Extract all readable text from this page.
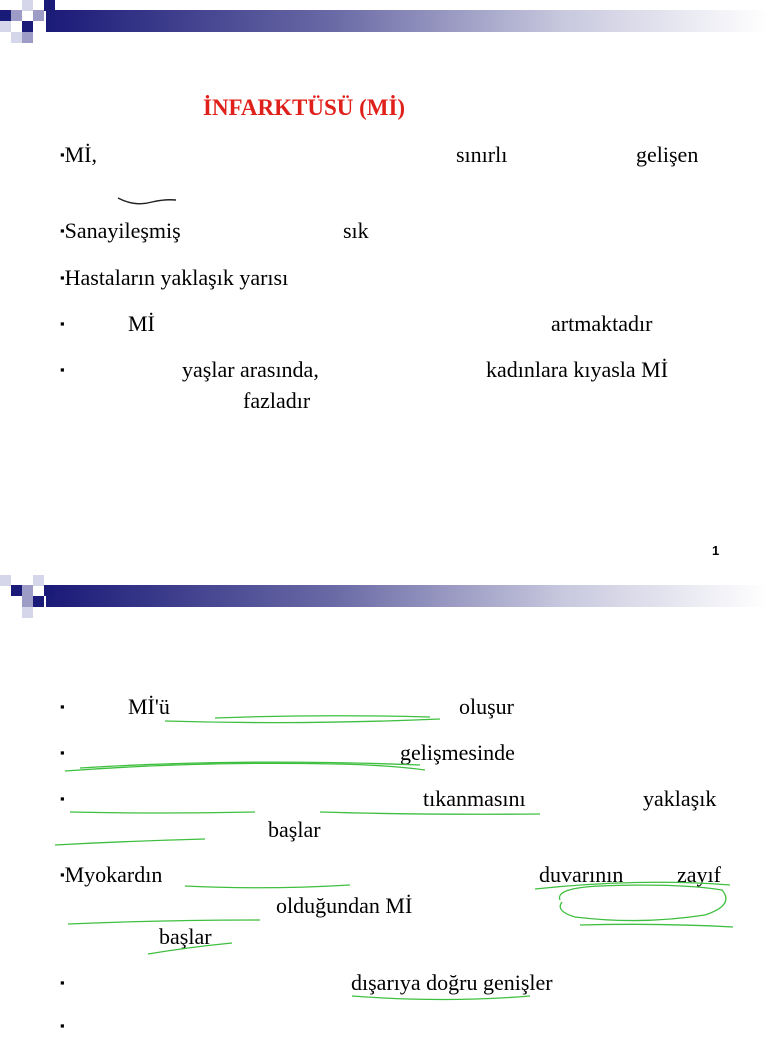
İNFARKTÜSÜ (Mİ)
▪Mİ,	sınırlı	gelişen
▪Sanayileşmiş	sık
▪Hastaların yaklaşık yarısı
▪	Mİ	artmaktadır
▪	yaşlar arasında,	kadınlara kıyasla Mİ
fazladır
1
▪	Mİ'ü	oluşur
▪	gelişmesinde
▪	tıkanmasını	yaklaşık
başlar
▪Myokardın	duvarının zayıf
olduğundan Mİ
başlar
▪	dışarıya doğru genişler
▪
